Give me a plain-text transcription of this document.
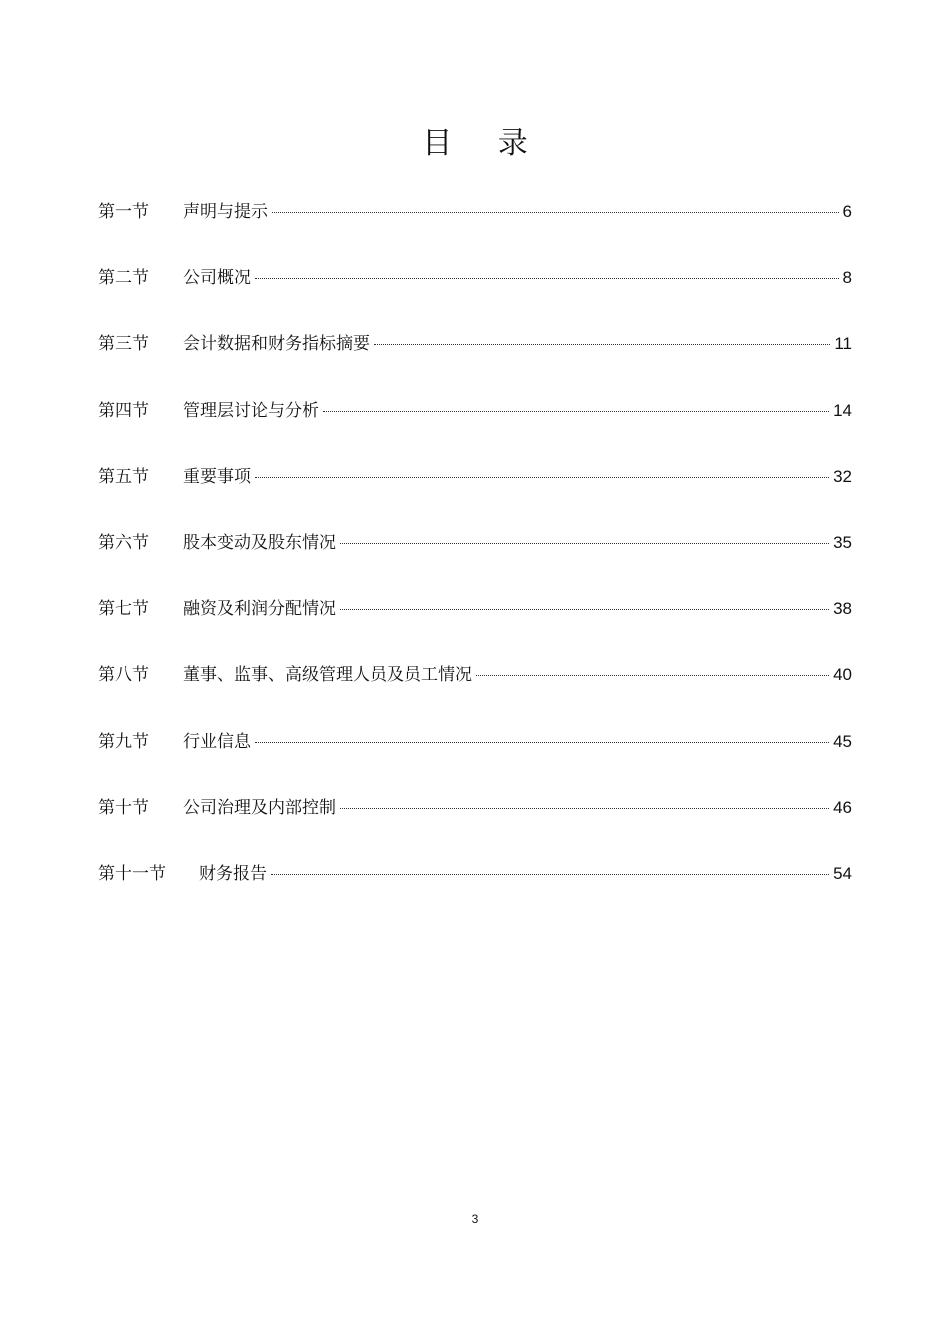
目 录
第一节	声明与提示	6
第二节	公司概况	8
第三节	会计数据和财务指标摘要	11
第四节	管理层讨论与分析	14
第五节	重要事项	32
第六节	股本变动及股东情况	35
第七节	融资及利润分配情况	38
第八节	董事、监事、高级管理人员及员工情况	40
第九节	行业信息	45
第十节	公司治理及内部控制	46
第十一节	财务报告	54
3
